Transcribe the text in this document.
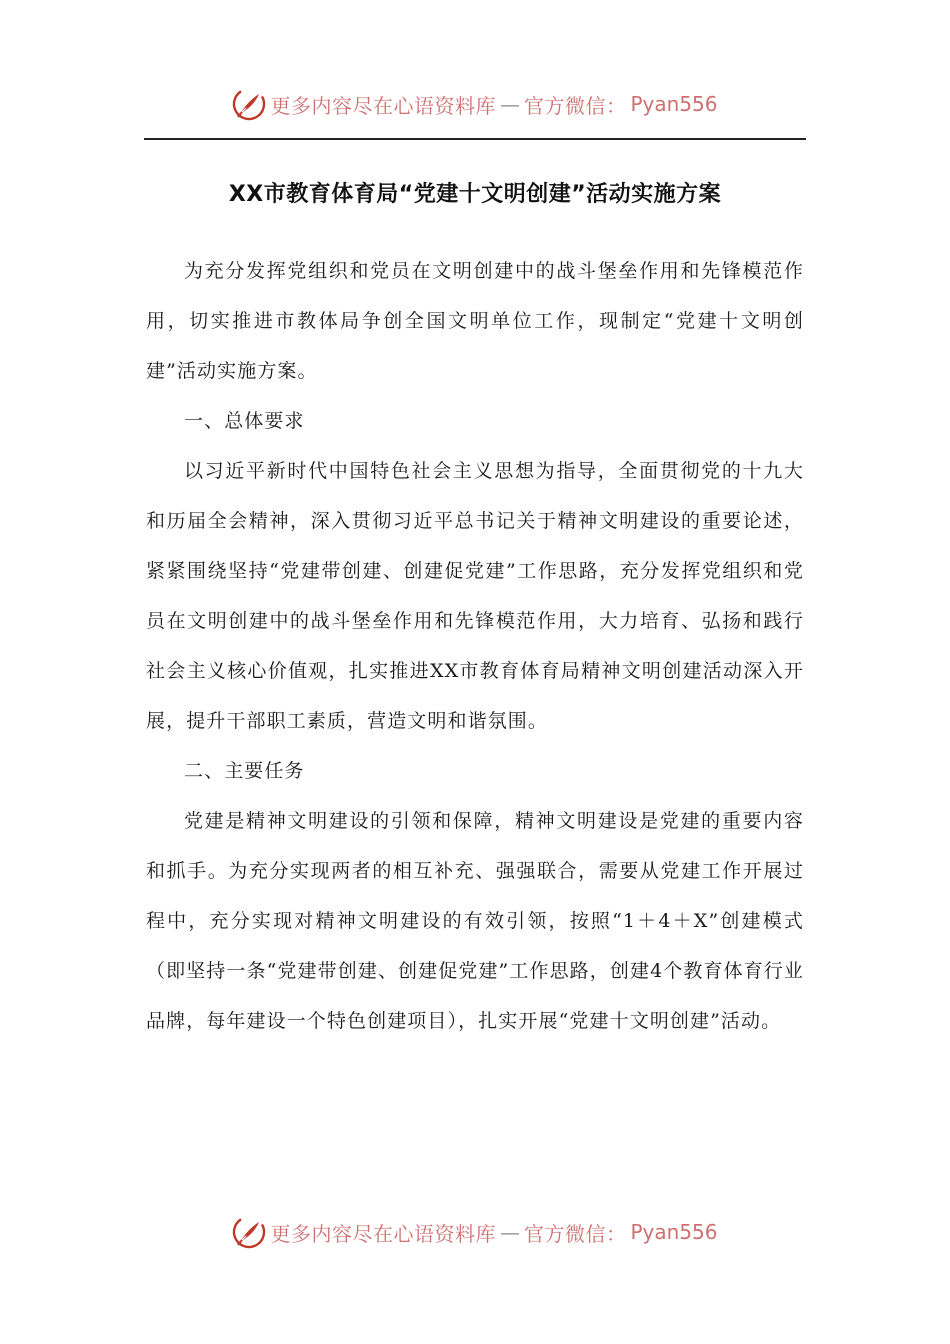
更多内容尽在心语资料库 — 官方微信： Pyan556
XX市教育体育局“党建十文明创建”活动实施方案

为充分发挥党组织和党员在文明创建中的战斗堡垒作用和先锋模范作用，切实推进市教体局争创全国文明单位工作，现制定“党建十文明创建”活动实施方案。

一、总体要求

以习近平新时代中国特色社会主义思想为指导，全面贯彻党的十九大和历届全会精神，深入贯彻习近平总书记关于精神文明建设的重要论述，紧紧围绕坚持“党建带创建、创建促党建”工作思路，充分发挥党组织和党员在文明创建中的战斗堡垒作用和先锋模范作用，大力培育、弘扬和践行社会主义核心价值观，扎实推进XX市教育体育局精神文明创建活动深入开展，提升干部职工素质，营造文明和谐氛围。

二、主要任务

党建是精神文明建设的引领和保障，精神文明建设是党建的重要内容和抓手。为充分实现两者的相互补充、强强联合，需要从党建工作开展过程中，充分实现对精神文明建设的有效引领，按照“1＋4＋X”创建模式（即坚持一条“党建带创建、创建促党建”工作思路，创建4个教育体育行业品牌，每年建设一个特色创建项目），扎实开展“党建十文明创建”活动。

更多内容尽在心语资料库 — 官方微信： Pyan556
